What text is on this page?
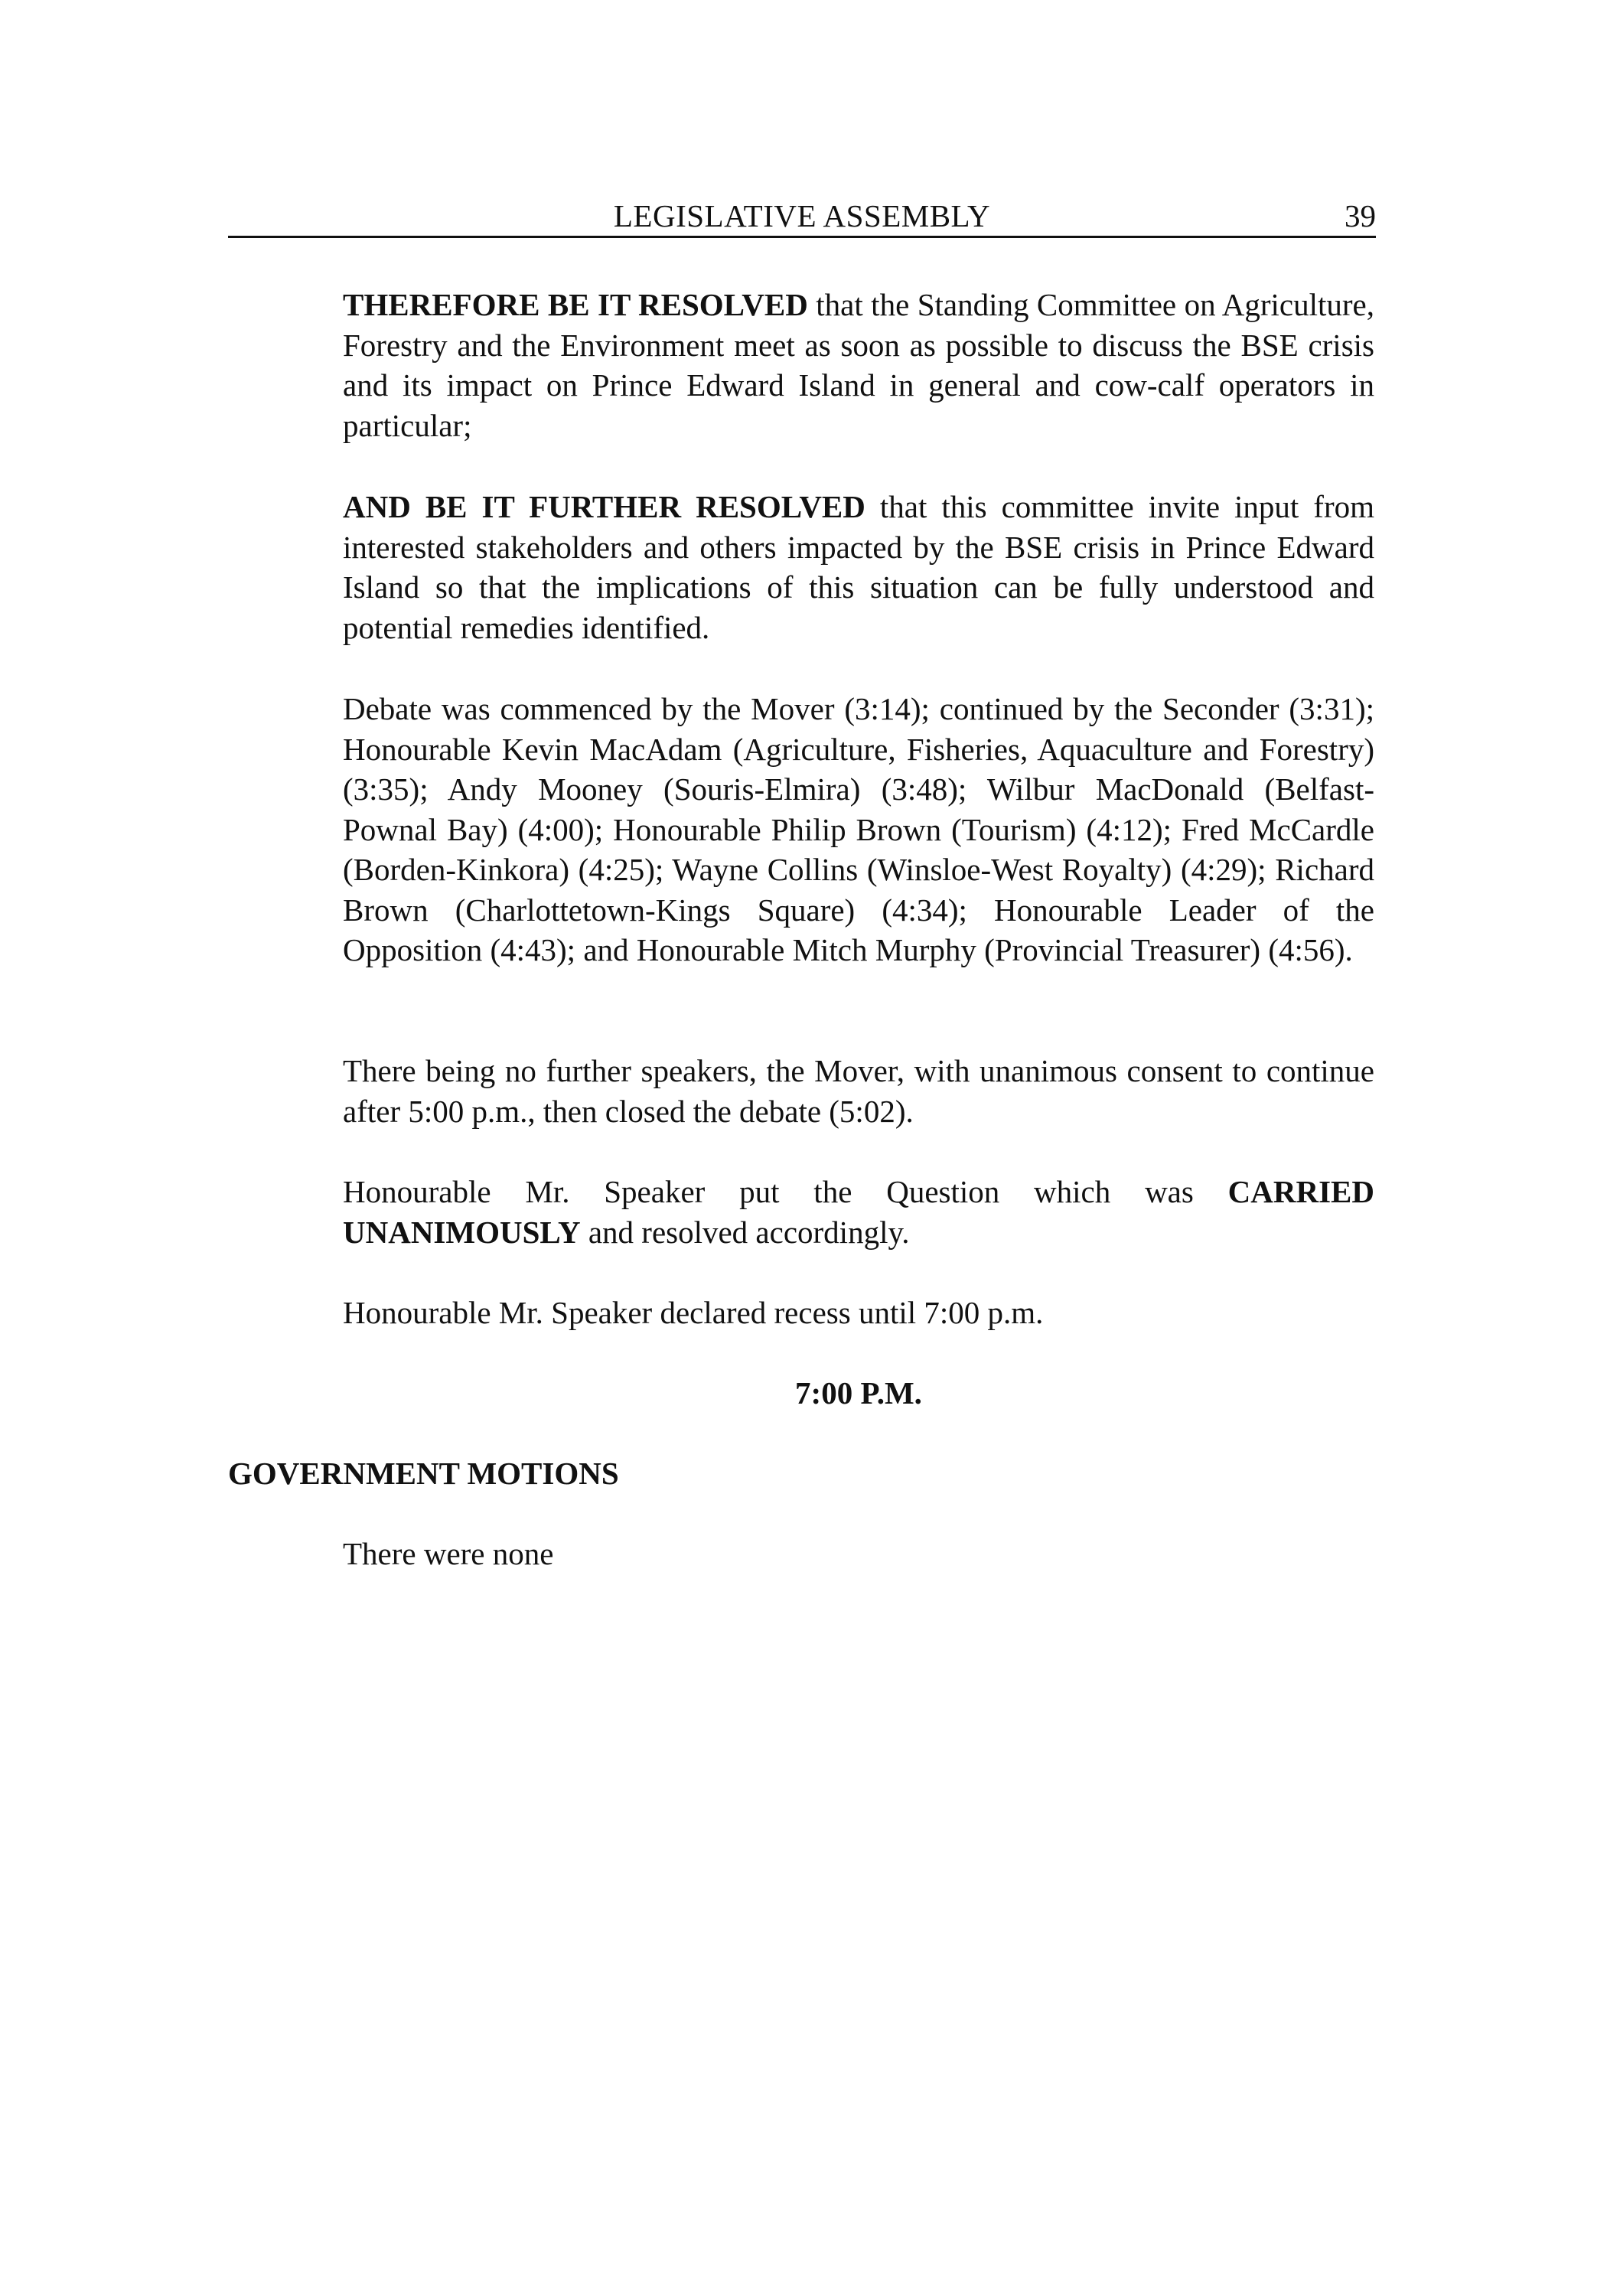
LEGISLATIVE ASSEMBLY	39

THEREFORE BE IT RESOLVED that the Standing Committee on Agriculture, Forestry and the Environment meet as soon as possible to discuss the BSE crisis and its impact on Prince Edward Island in general and cow-calf operators in particular;

AND BE IT FURTHER RESOLVED that this committee invite input from interested stakeholders and others impacted by the BSE crisis in Prince Edward Island so that the implications of this situation can be fully understood and potential remedies identified.

Debate was commenced by the Mover (3:14); continued by the Seconder (3:31); Honourable Kevin MacAdam (Agriculture, Fisheries, Aquaculture and Forestry) (3:35); Andy Mooney (Souris-Elmira) (3:48); Wilbur MacDonald (Belfast-Pownal Bay) (4:00); Honourable Philip Brown (Tourism) (4:12); Fred McCardle (Borden-Kinkora) (4:25); Wayne Collins (Winsloe-West Royalty) (4:29); Richard Brown (Charlottetown-Kings Square) (4:34); Honourable Leader of the Opposition (4:43); and Honourable Mitch Murphy (Provincial Treasurer) (4:56).

There being no further speakers, the Mover, with unanimous consent to continue after 5:00 p.m., then closed the debate (5:02).

Honourable Mr. Speaker put the Question which was CARRIED UNANIMOUSLY and resolved accordingly.

Honourable Mr. Speaker declared recess until 7:00 p.m.

7:00 P.M.

GOVERNMENT MOTIONS

There were none
